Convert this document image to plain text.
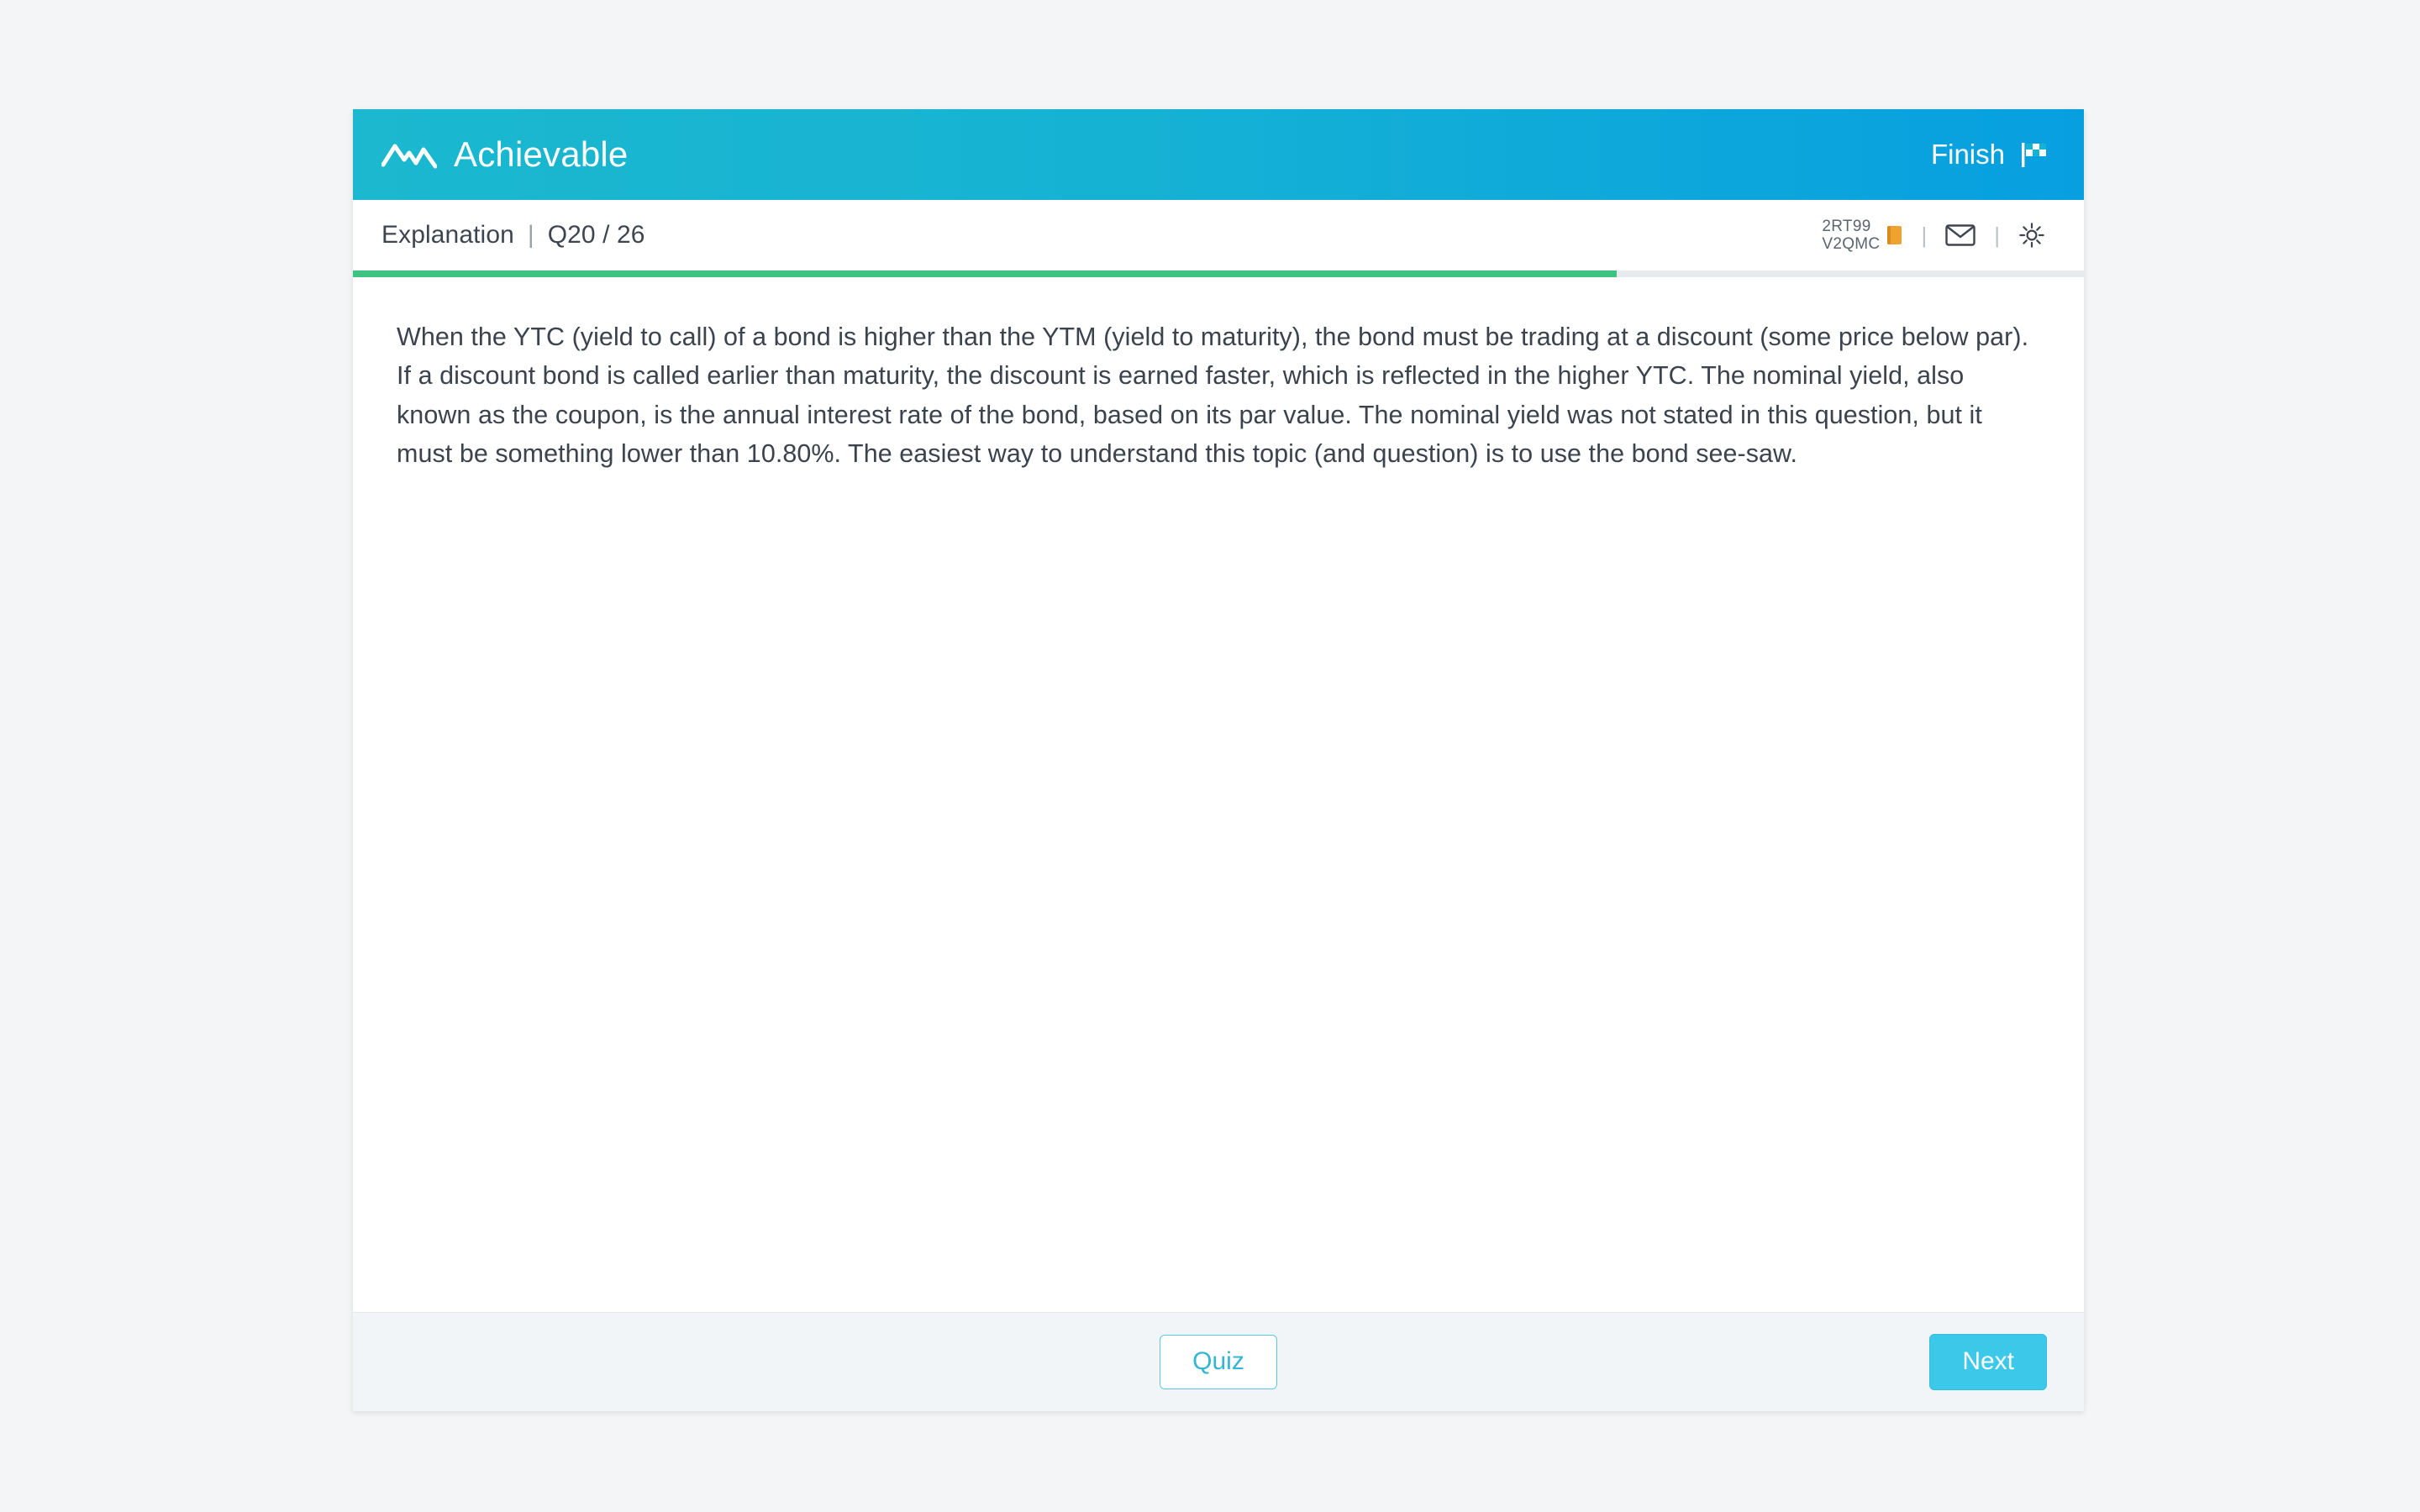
Achievable	Finish
Explanation | Q20 / 26	2RT99
V2QMC |	|

When the YTC (yield to call) of a bond is higher than the YTM (yield to maturity), the bond must be trading at a discount (some price below par). If a discount bond is called earlier than maturity, the discount is earned faster, which is reflected in the higher YTC. The nominal yield, also known as the coupon, is the annual interest rate of the bond, based on its par value. The nominal yield was not stated in this question, but it must be something lower than 10.80%. The easiest way to understand this topic (and question) is to use the bond see-saw.

Quiz	Next
